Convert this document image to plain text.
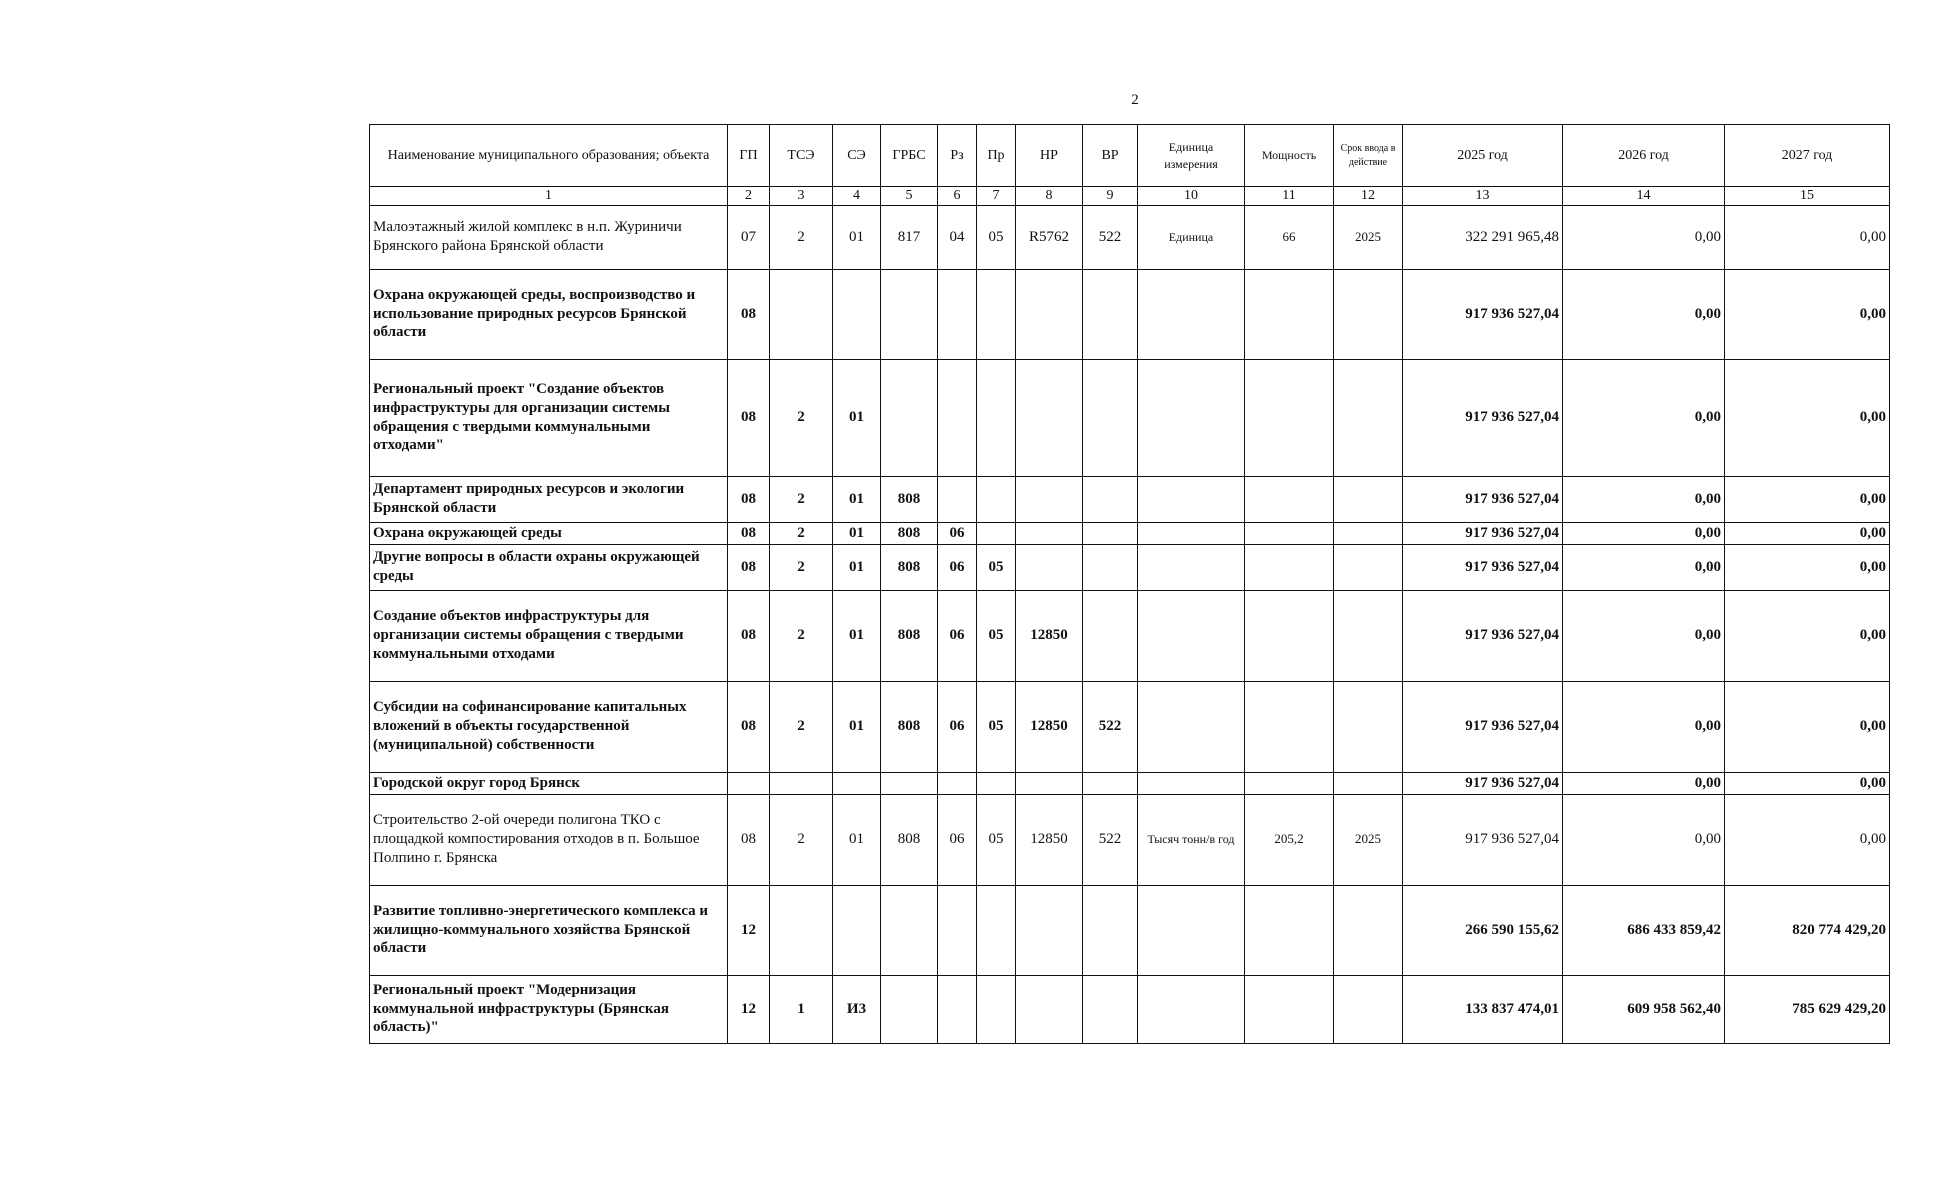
2
Наименование муниципального образования; объекта	ГП	ТСЭ	СЭ	ГРБС	Рз	Пр	НР	ВР	Единица измерения	Мощность	Срок ввода в действие	2025 год	2026 год	2027 год
1	2	3	4	5	6	7	8	9	10	11	12	13	14	15
Малоэтажный жилой комплекс в н.п. Журиничи Брянского района Брянской области	07	2	01	817	04	05	R5762	522	Единица	66	2025	322 291 965,48	0,00	0,00
Охрана окружающей среды, воспроизводство и использование природных ресурсов Брянской области	08											917 936 527,04	0,00	0,00
Региональный проект "Создание объектов инфраструктуры для организации системы обращения с твердыми коммунальными отходами"	08	2	01									917 936 527,04	0,00	0,00
Департамент природных ресурсов и экологии Брянской области	08	2	01	808								917 936 527,04	0,00	0,00
Охрана окружающей среды	08	2	01	808	06							917 936 527,04	0,00	0,00
Другие вопросы в области охраны окружающей среды	08	2	01	808	06	05						917 936 527,04	0,00	0,00
Создание объектов инфраструктуры для организации системы обращения с твердыми коммунальными отходами	08	2	01	808	06	05	12850					917 936 527,04	0,00	0,00
Субсидии на софинансирование капитальных вложений в объекты государственной (муниципальной) собственности	08	2	01	808	06	05	12850	522				917 936 527,04	0,00	0,00
Городской округ город Брянск												917 936 527,04	0,00	0,00
Строительство 2-ой очереди полигона ТКО с площадкой компостирования отходов в п. Большое Полпино г. Брянска	08	2	01	808	06	05	12850	522	Тысяч тонн/в год	205,2	2025	917 936 527,04	0,00	0,00
Развитие топливно-энергетического комплекса и жилищно-коммунального хозяйства Брянской области	12											266 590 155,62	686 433 859,42	820 774 429,20
Региональный проект "Модернизация коммунальной инфраструктуры (Брянская область)"	12	1	И3									133 837 474,01	609 958 562,40	785 629 429,20
